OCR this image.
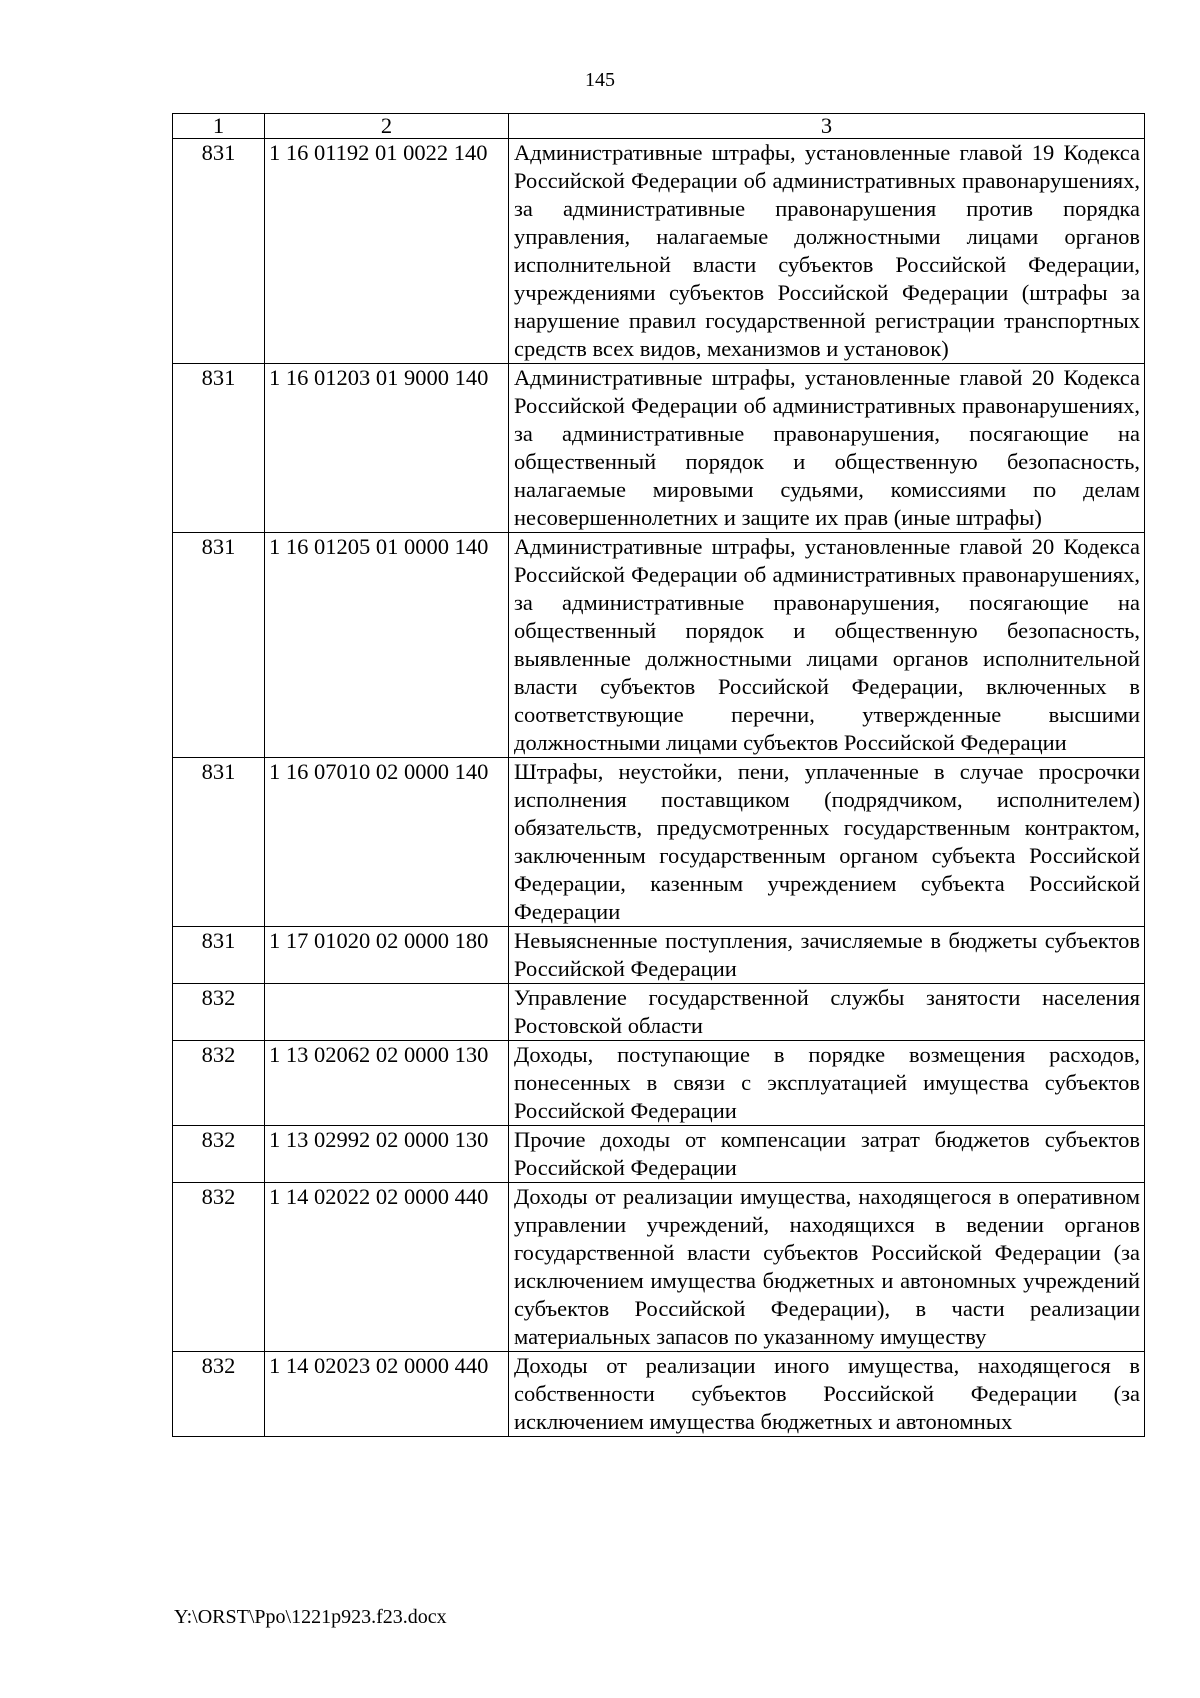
145
1	2	3
831	1 16 01192 01 0022 140	Административные штрафы, установленные главой 19 Кодекса Российской Федерации об административных правонарушениях, за административные правонарушения против порядка управления, налагаемые должностными лицами органов исполнительной власти субъектов Российской Федерации, учреждениями субъектов Российской Федерации (штрафы за нарушение правил государственной регистрации транспортных средств всех видов, механизмов и установок)
831	1 16 01203 01 9000 140	Административные штрафы, установленные главой 20 Кодекса Российской Федерации об административных правонарушениях, за административные правонарушения, посягающие на общественный порядок и общественную безопасность, налагаемые мировыми судьями, комиссиями по делам несовершеннолетних и защите их прав (иные штрафы)
831	1 16 01205 01 0000 140	Административные штрафы, установленные главой 20 Кодекса Российской Федерации об административных правонарушениях, за административные правонарушения, посягающие на общественный порядок и общественную безопасность, выявленные должностными лицами органов исполнительной власти субъектов Российской Федерации, включенных в соответствующие перечни, утвержденные высшими должностными лицами субъектов Российской Федерации
831	1 16 07010 02 0000 140	Штрафы, неустойки, пени, уплаченные в случае просрочки исполнения поставщиком (подрядчиком, исполнителем) обязательств, предусмотренных государственным контрактом, заключенным государственным органом субъекта Российской Федерации, казенным учреждением субъекта Российской Федерации
831	1 17 01020 02 0000 180	Невыясненные поступления, зачисляемые в бюджеты субъектов Российской Федерации
832		Управление государственной службы занятости населения Ростовской области
832	1 13 02062 02 0000 130	Доходы, поступающие в порядке возмещения расходов, понесенных в связи с эксплуатацией имущества субъектов Российской Федерации
832	1 13 02992 02 0000 130	Прочие доходы от компенсации затрат бюджетов субъектов Российской Федерации
832	1 14 02022 02 0000 440	Доходы от реализации имущества, находящегося в оперативном управлении учреждений, находящихся в ведении органов государственной власти субъектов Российской Федерации (за исключением имущества бюджетных и автономных учреждений субъектов Российской Федерации), в части реализации материальных запасов по указанному имуществу
832	1 14 02023 02 0000 440	Доходы от реализации иного имущества, находящегося в собственности субъектов Российской Федерации (за исключением имущества бюджетных и автономных
Y:\ORST\Ppo\1221p923.f23.docx
